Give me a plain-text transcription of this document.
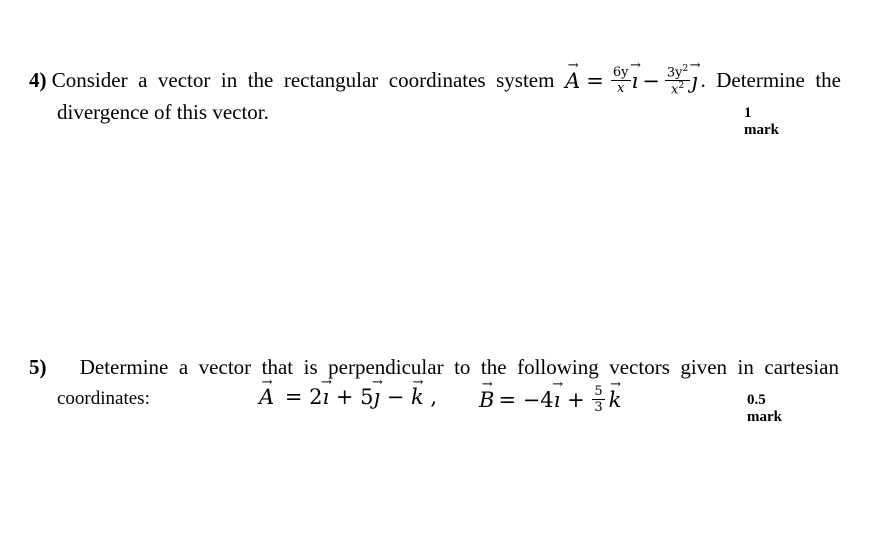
4) Consider  a  vector  in  the  rectangular  coordinates  system
→ $A = \frac{6y}{x}$
→ ı − $\frac{3y^2}{x^2}$
→ ȷ .  Determine  the
divergence of this vector.	1 mark
5) Determine  a  vector  that  is  perpendicular  to  the  following  vectors  given  in  cartesian
coordinates:
→	A = 2→ ı + 5→ ȷ − → k ,
→ B = −4
→ ı + $\frac{5}{3}$
→ k	0.5 mark
